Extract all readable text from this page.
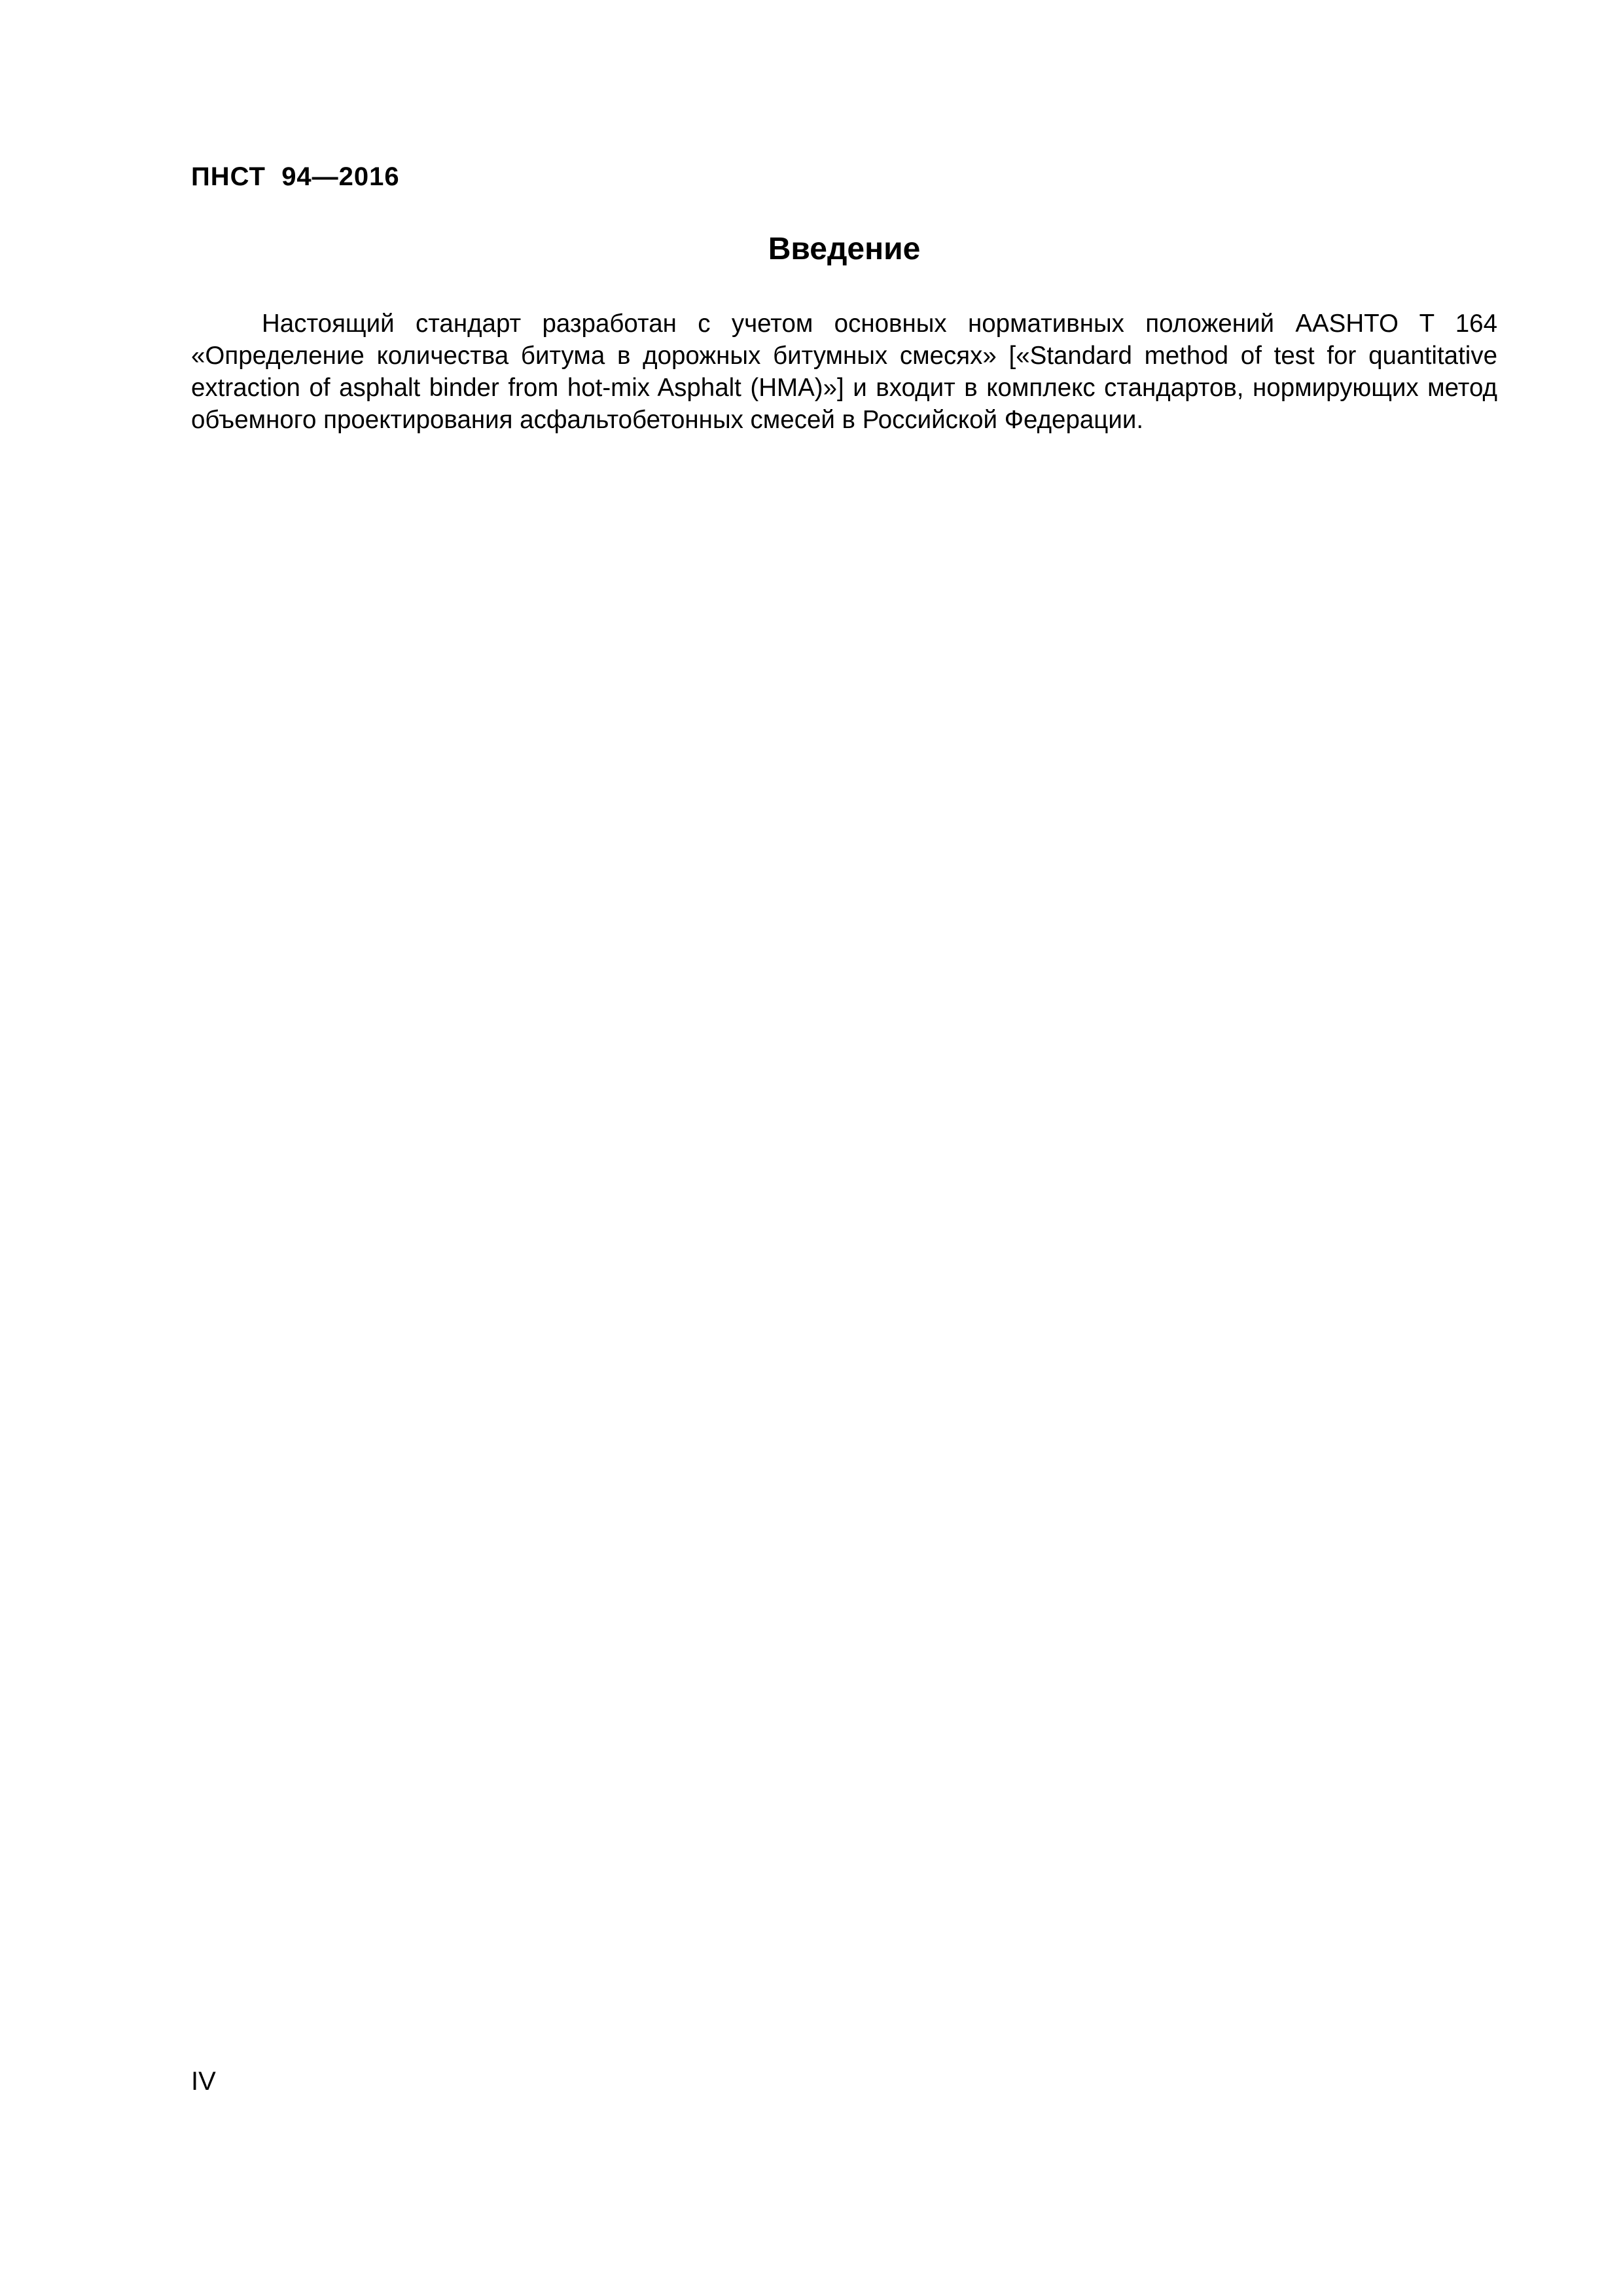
ПНСТ  94—2016
Введение

Настоящий стандарт разработан с учетом основных нормативных положений AASHTO T 164 «Определение количества битума в дорожных битумных смесях» [«Standard method of test for quantitative extraction of asphalt binder from hot-mix Asphalt (HMA)»] и входит в комплекс стандартов, нормирующих метод объемного проектирования асфальтобетонных смесей в Российской Федерации.

IV
